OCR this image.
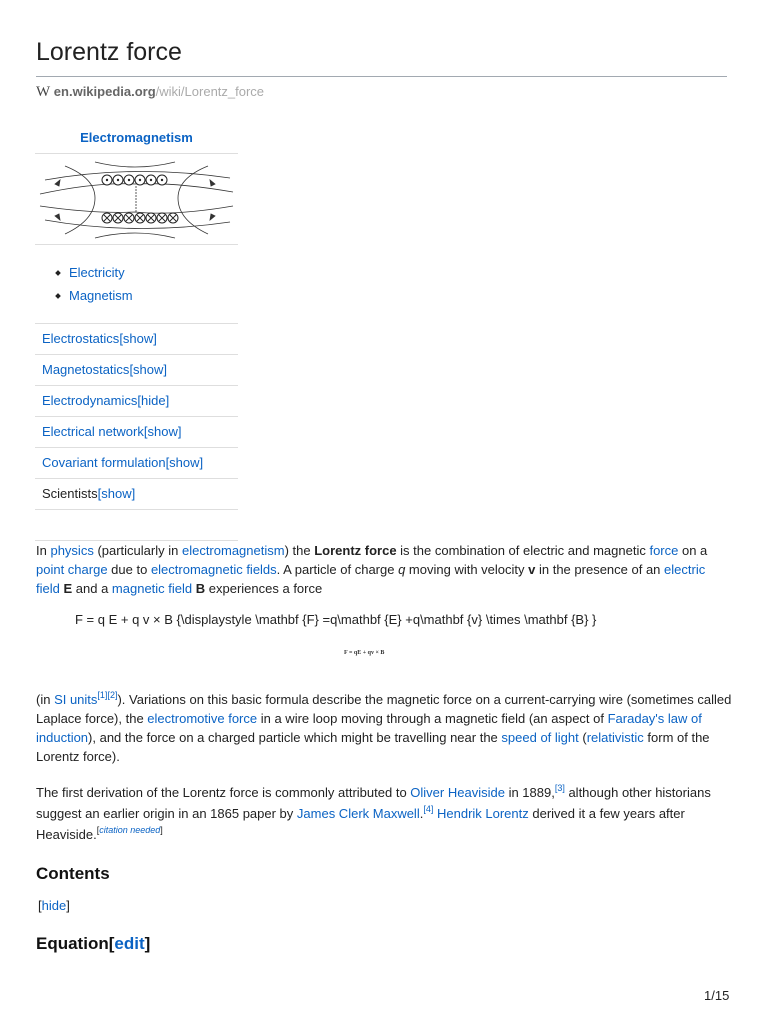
Lorentz force
W en.wikipedia.org/wiki/Lorentz_force
Electromagnetism
Electricity
Magnetism
Electrostatics[show]
Magnetostatics[show]
Electrodynamics[hide]
Electrical network[show]
Covariant formulation[show]
Scientists[show]

In physics (particularly in electromagnetism) the Lorentz force is the combination of electric and magnetic force on a point charge due to electromagnetic fields. A particle of charge q moving with velocity v in the presence of an electric field E and a magnetic field B experiences a force

F = q E + q v × B {\displaystyle \mathbf {F} =q\mathbf {E} +q\mathbf {v} \times \mathbf {B} }
F = qE + qv × B

(in SI units[1][2]). Variations on this basic formula describe the magnetic force on a current-carrying wire (sometimes called Laplace force), the electromotive force in a wire loop moving through a magnetic field (an aspect of Faraday's law of induction), and the force on a charged particle which might be travelling near the speed of light (relativistic form of the Lorentz force).

The first derivation of the Lorentz force is commonly attributed to Oliver Heaviside in 1889,[3] although other historians suggest an earlier origin in an 1865 paper by James Clerk Maxwell.[4] Hendrik Lorentz derived it a few years after Heaviside.[citation needed]

Contents
[hide]
Equation[edit]
1/15
